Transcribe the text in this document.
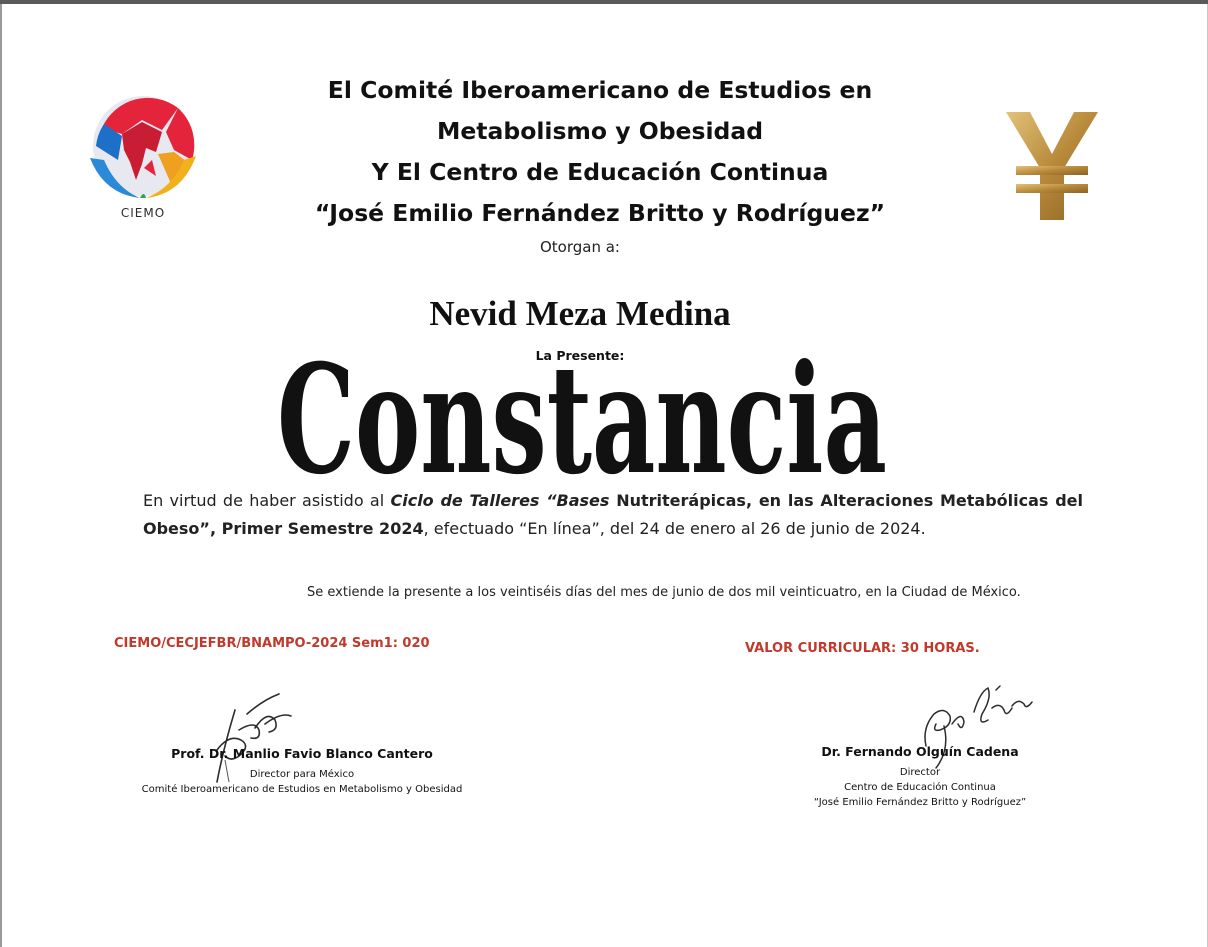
CIEMO
El Comité Iberoamericano de Estudios en
Metabolismo y Obesidad
Y El Centro de Educación Continua
“José Emilio Fernández Britto y Rodríguez”
Otorgan a:
Nevid Meza Medina
La Presente:
Constancia
En virtud de haber asistido al Ciclo de Talleres “Bases Nutriterápicas, en las Alteraciones Metabólicas del Obeso”, Primer Semestre 2024, efectuado “En línea”, del 24 de enero al 26 de junio de 2024.
Se extiende la presente a los veintiséis días del mes de junio de dos mil veinticuatro, en la Ciudad de México.
CIEMO/CECJEFBR/BNAMPO-2024 Sem1: 020	VALOR CURRICULAR: 30 HORAS.
Prof. Dr. Manlio Favio Blanco Cantero
Director para México
Comité Iberoamericano de Estudios en Metabolismo y Obesidad
Dr. Fernando Olguín Cadena
Director
Centro de Educación Continua
“José Emilio Fernández Britto y Rodríguez”
